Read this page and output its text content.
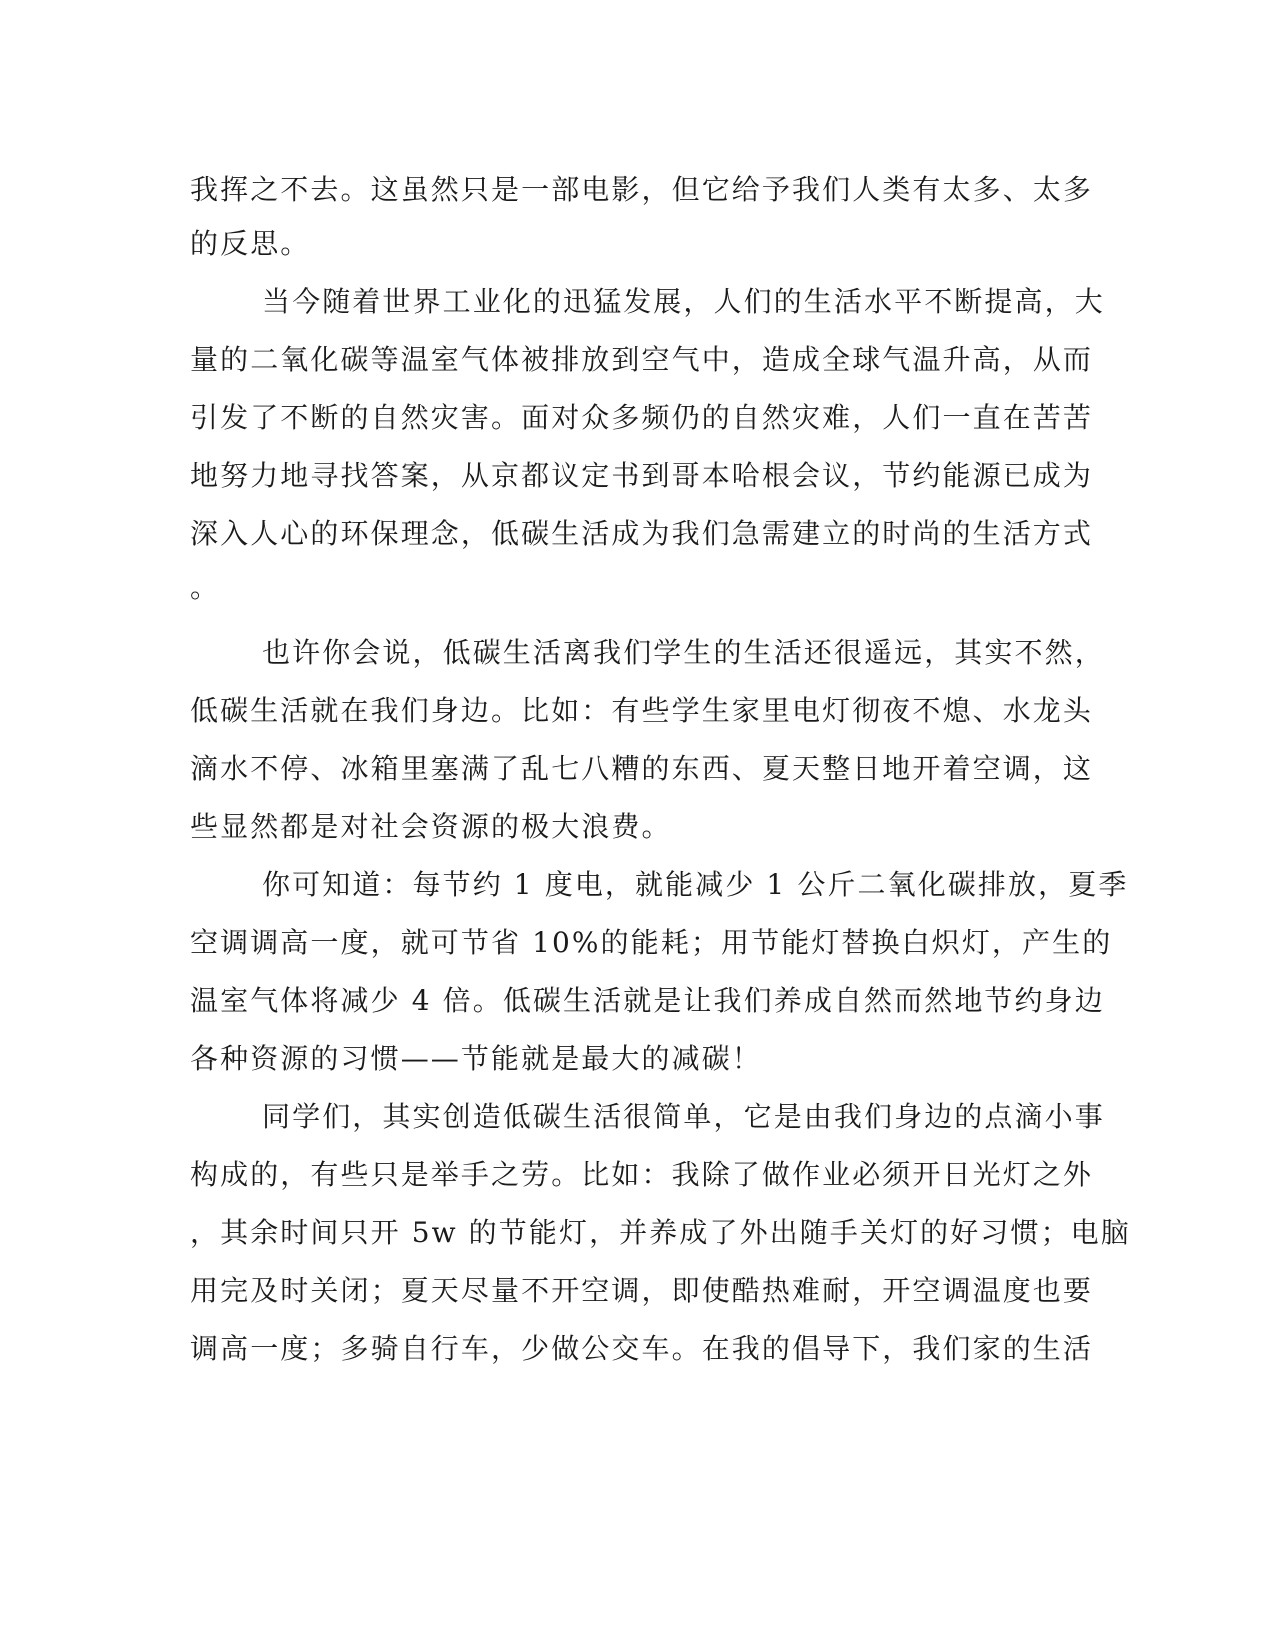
我挥之不去。这虽然只是一部电影，但它给予我们人类有太多、太多
的反思。
当今随着世界工业化的迅猛发展，人们的生活水平不断提高，大
量的二氧化碳等温室气体被排放到空气中，造成全球气温升高，从而
引发了不断的自然灾害。面对众多频仍的自然灾难，人们一直在苦苦
地努力地寻找答案，从京都议定书到哥本哈根会议，节约能源已成为
深入人心的环保理念，低碳生活成为我们急需建立的时尚的生活方式
。
也许你会说，低碳生活离我们学生的生活还很遥远，其实不然，
低碳生活就在我们身边。比如：有些学生家里电灯彻夜不熄、水龙头
滴水不停、冰箱里塞满了乱七八糟的东西、夏天整日地开着空调，这
些显然都是对社会资源的极大浪费。
你可知道：每节约 1 度电，就能减少 1 公斤二氧化碳排放，夏季
空调调高一度，就可节省 10%的能耗；用节能灯替换白炽灯，产生的
温室气体将减少 4 倍。低碳生活就是让我们养成自然而然地节约身边
各种资源的习惯——节能就是最大的减碳！
同学们，其实创造低碳生活很简单，它是由我们身边的点滴小事
构成的，有些只是举手之劳。比如：我除了做作业必须开日光灯之外
，其余时间只开 5w 的节能灯，并养成了外出随手关灯的好习惯；电脑
用完及时关闭；夏天尽量不开空调，即使酷热难耐，开空调温度也要
调高一度；多骑自行车，少做公交车。在我的倡导下，我们家的生活
